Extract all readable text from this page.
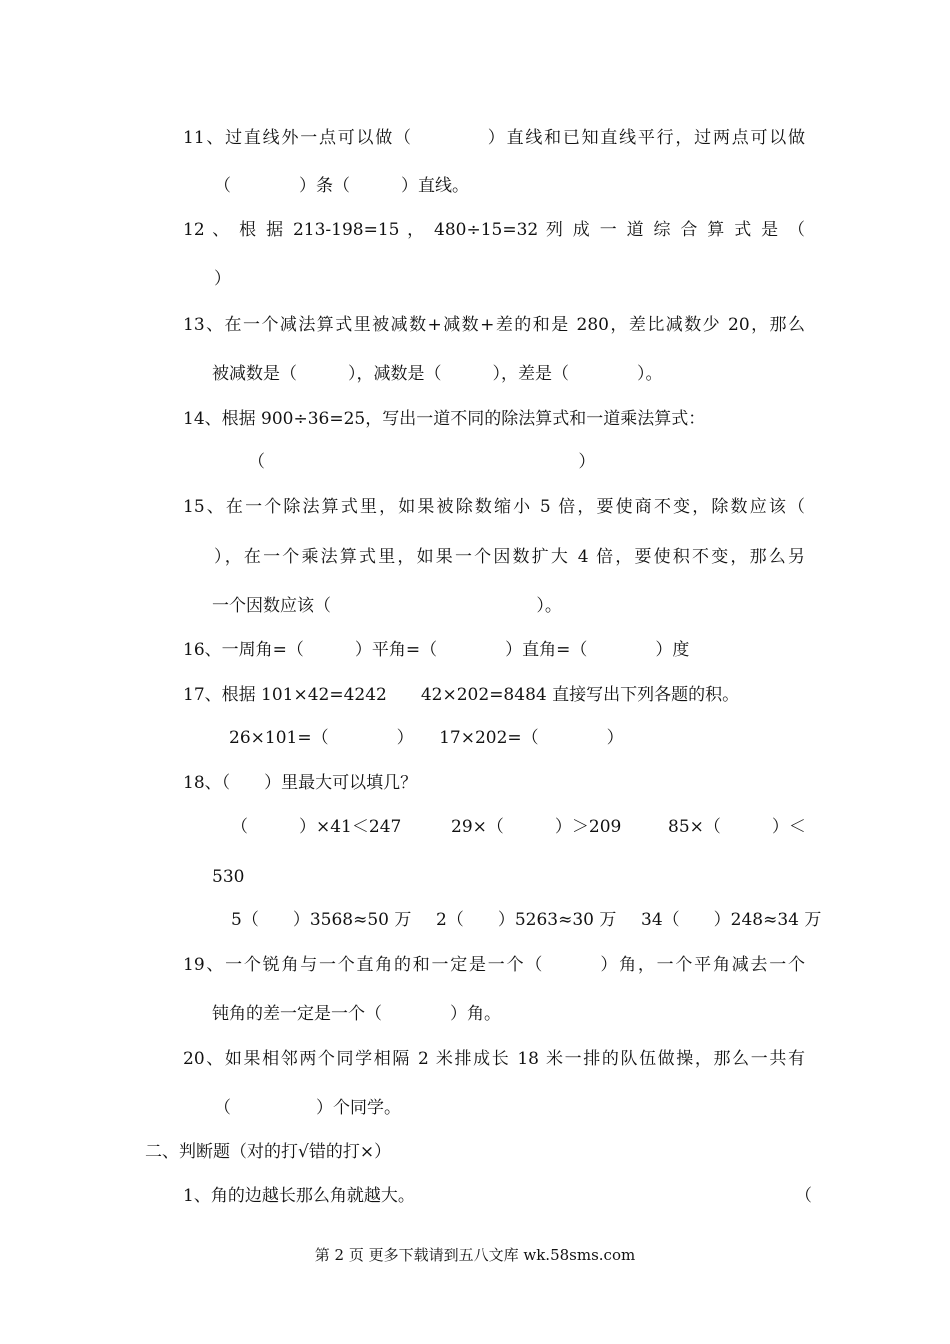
11、过直线外一点可以做（　　　　）直线和已知直线平行，过两点可以做
（　　　　）条（　　　）直线。
12 、 根 据 213-198=15 ， 480÷15=32 列 成 一 道 综 合 算 式 是 （
）
13、在一个减法算式里被减数+减数+差的和是 280，差比减数少 20，那么
被减数是（　　　），减数是（　　　），差是（　　　　）。
14、根据 900÷36=25，写出一道不同的除法算式和一道乘法算式：
（                                                          ）
15、在一个除法算式里，如果被除数缩小 5 倍，要使商不变，除数应该（
），在一个乘法算式里，如果一个因数扩大 4 倍，要使积不变，那么另
一个因数应该（                                      ）。
16、一周角=（　　　）平角=（　　　　）直角=（　　　　）度
17、根据 101×42=4242　　42×202=8484 直接写出下列各题的积。
26×101=（　　　　）　　17×202=（　　　　）
18、（　　）里最大可以填几？
（　　　）×41＜247	29×（　　　）＞209	85×（　　　）＜
530
5（　　）3568≈50 万 2（　　）5263≈30 万 34（　　）248≈34 万
19、一个锐角与一个直角的和一定是一个（　　　）角，一个平角减去一个
钝角的差一定是一个（　　　　）角。
20、如果相邻两个同学相隔 2 米排成长 18 米一排的队伍做操，那么一共有
（　　　　　）个同学。
二、判断题（对的打√错的打×）
1、角的边越长那么角就越大。	（
第 2 页 更多下载请到五八文库 wk.58sms.com
